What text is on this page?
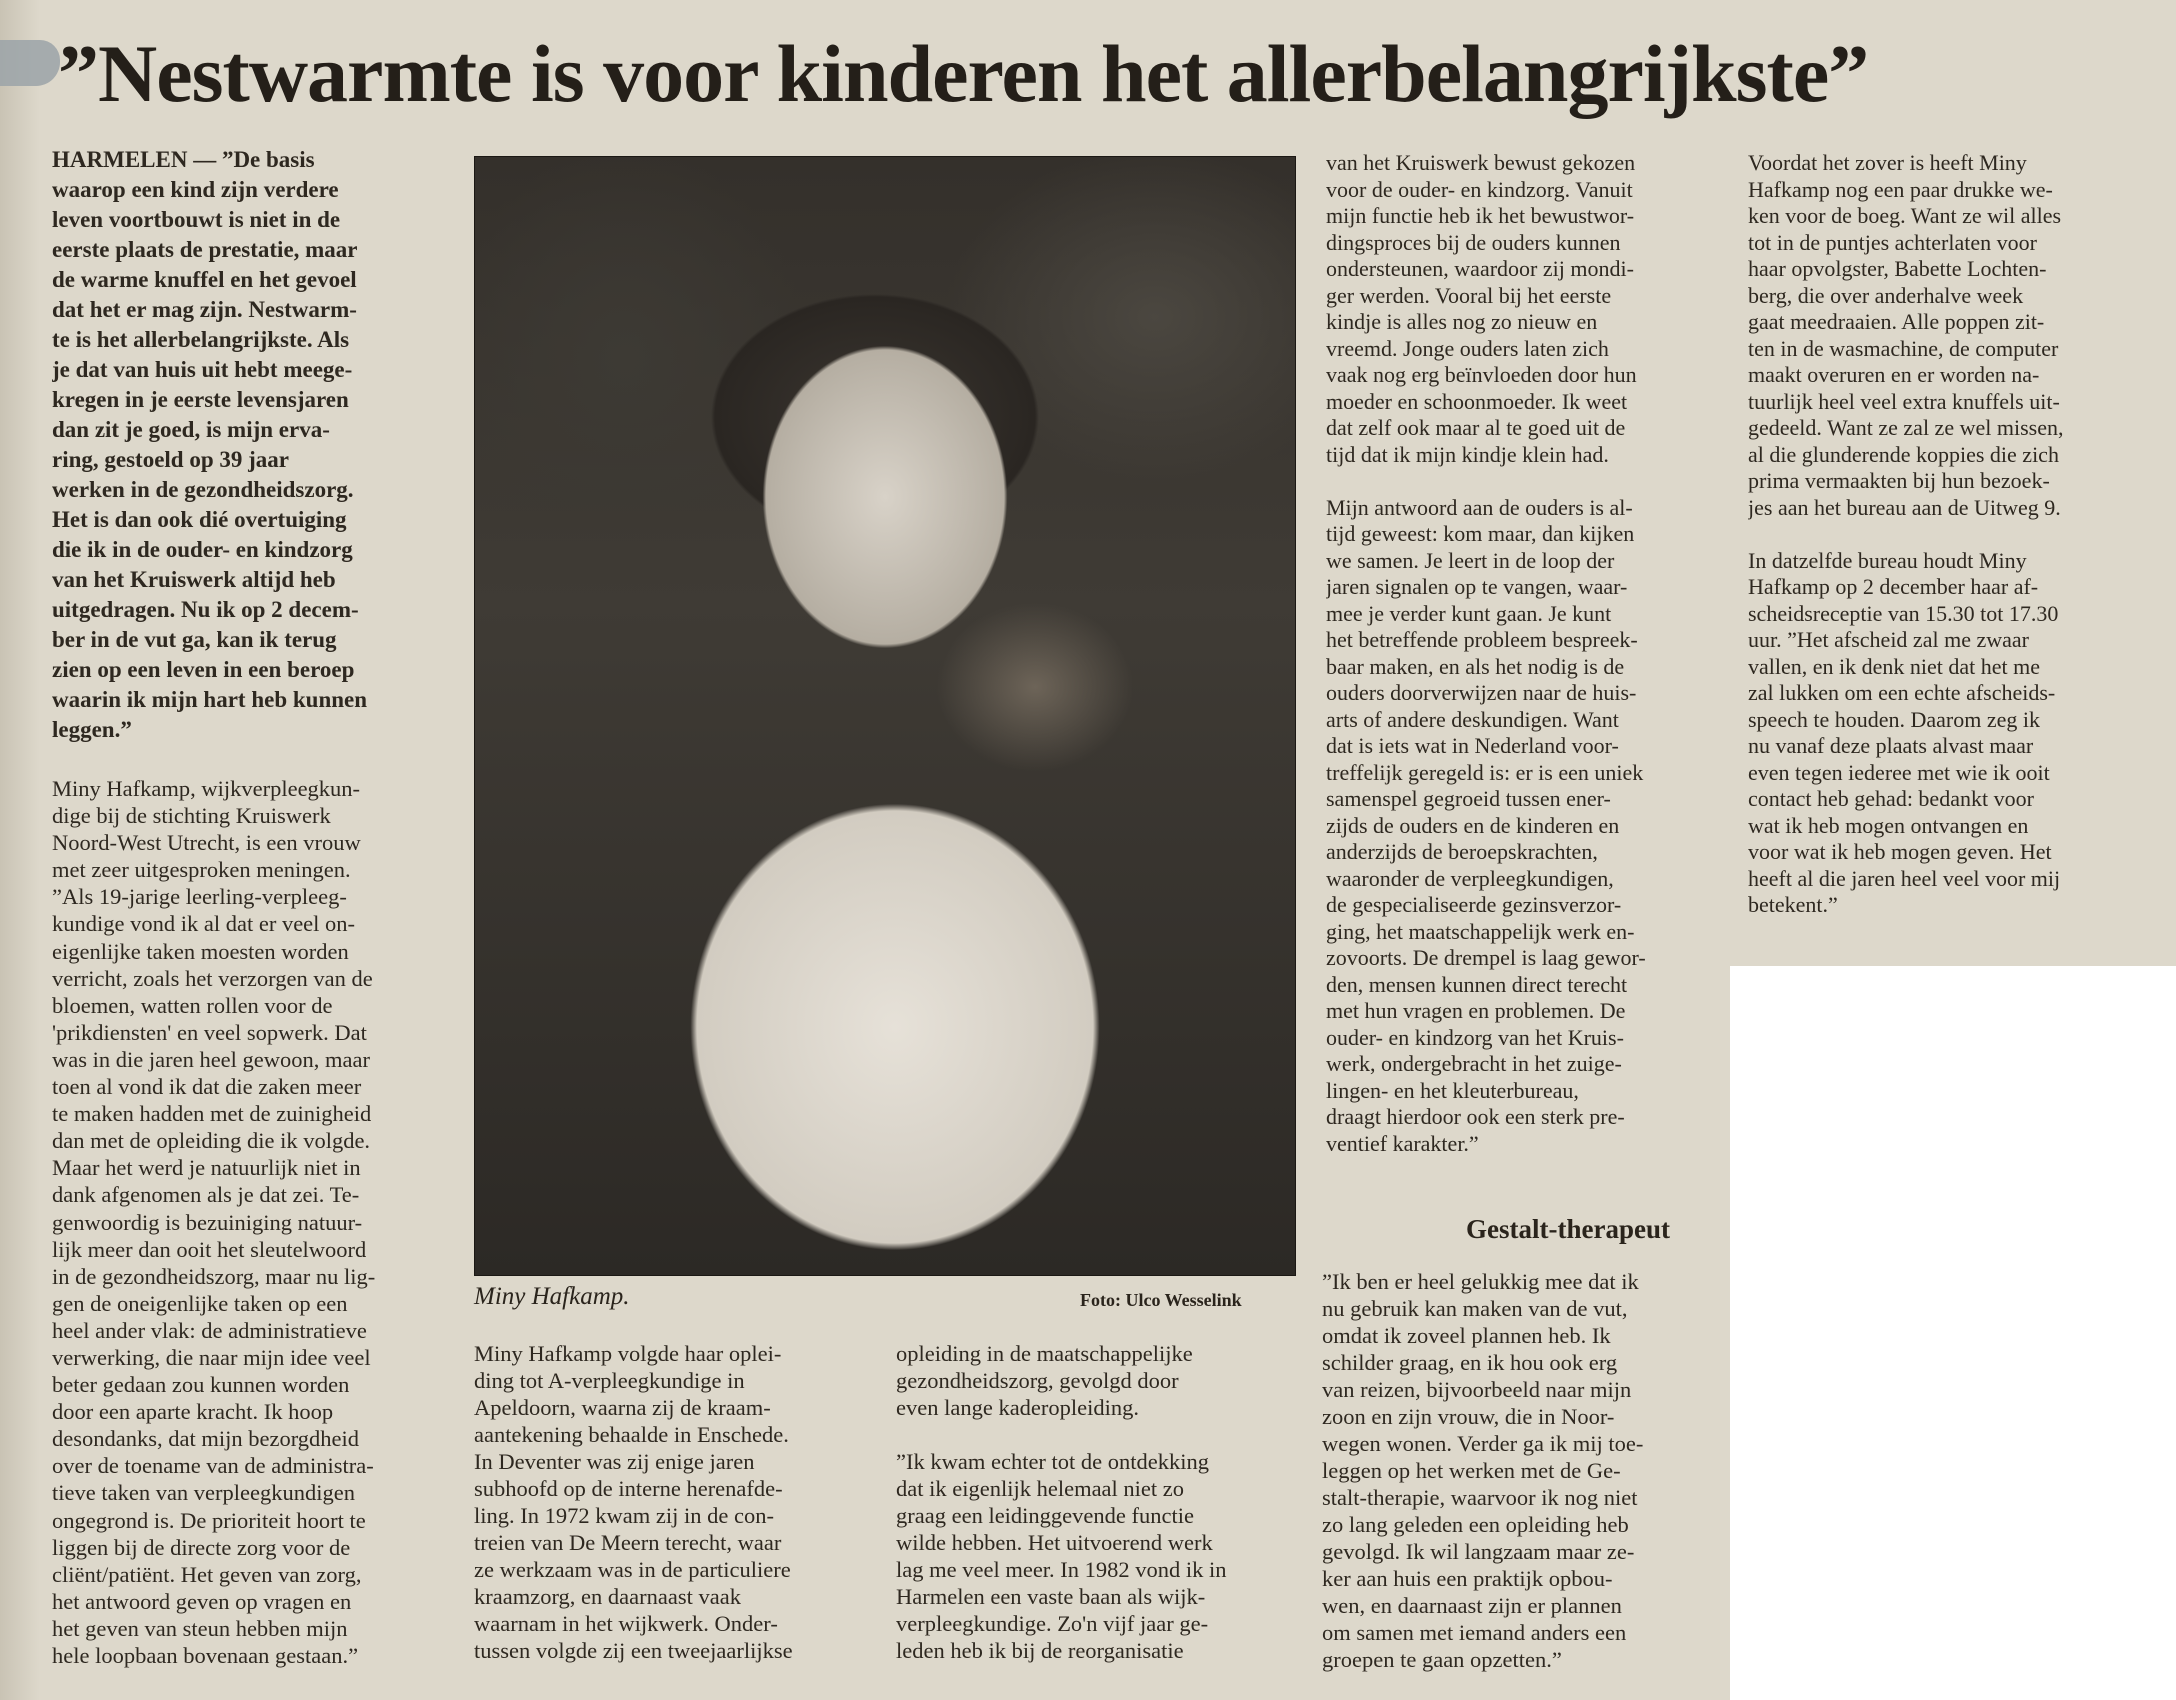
”Nestwarmte is voor kinderen het allerbelangrijkste”
HARMELEN — ”De basis
waarop een kind zijn verdere
leven voortbouwt is niet in de
eerste plaats de prestatie, maar
de warme knuffel en het gevoel
dat het er mag zijn. Nestwarm-
te is het allerbelangrijkste. Als
je dat van huis uit hebt meege-
kregen in je eerste levensjaren
dan zit je goed, is mijn erva-
ring, gestoeld op 39 jaar
werken in de gezondheidszorg.
Het is dan ook dié overtuiging
die ik in de ouder- en kindzorg
van het Kruiswerk altijd heb
uitgedragen. Nu ik op 2 decem-
ber in de vut ga, kan ik terug
zien op een leven in een beroep
waarin ik mijn hart heb kunnen
leggen.”
Miny Hafkamp, wijkverpleegkun-
dige bij de stichting Kruiswerk
Noord-West Utrecht, is een vrouw
met zeer uitgesproken meningen.
”Als 19-jarige leerling-verpleeg-
kundige vond ik al dat er veel on-
eigenlijke taken moesten worden
verricht, zoals het verzorgen van de
bloemen, watten rollen voor de
'prikdiensten' en veel sopwerk. Dat
was in die jaren heel gewoon, maar
toen al vond ik dat die zaken meer
te maken hadden met de zuinigheid
dan met de opleiding die ik volgde.
Maar het werd je natuurlijk niet in
dank afgenomen als je dat zei. Te-
genwoordig is bezuiniging natuur-
lijk meer dan ooit het sleutelwoord
in de gezondheidszorg, maar nu lig-
gen de oneigenlijke taken op een
heel ander vlak: de administratieve
verwerking, die naar mijn idee veel
beter gedaan zou kunnen worden
door een aparte kracht. Ik hoop
desondanks, dat mijn bezorgdheid
over de toename van de administra-
tieve taken van verpleegkundigen
ongegrond is. De prioriteit hoort te
liggen bij de directe zorg voor de
cliënt/patiënt. Het geven van zorg,
het antwoord geven op vragen en
het geven van steun hebben mijn
hele loopbaan bovenaan gestaan.”
Miny Hafkamp.	Foto: Ulco Wesselink
Miny Hafkamp volgde haar oplei-
ding tot A-verpleegkundige in
Apeldoorn, waarna zij de kraam-
aantekening behaalde in Enschede.
In Deventer was zij enige jaren
subhoofd op de interne herenafde-
ling. In 1972 kwam zij in de con-
treien van De Meern terecht, waar
ze werkzaam was in de particuliere
kraamzorg, en daarnaast vaak
waarnam in het wijkwerk. Onder-
tussen volgde zij een tweejaarlijkse
opleiding in de maatschappelijke
gezondheidszorg, gevolgd door
even lange kaderopleiding.

”Ik kwam echter tot de ontdekking
dat ik eigenlijk helemaal niet zo
graag een leidinggevende functie
wilde hebben. Het uitvoerend werk
lag me veel meer. In 1982 vond ik in
Harmelen een vaste baan als wijk-
verpleegkundige. Zo'n vijf jaar ge-
leden heb ik bij de reorganisatie
van het Kruiswerk bewust gekozen
voor de ouder- en kindzorg. Vanuit
mijn functie heb ik het bewustwor-
dingsproces bij de ouders kunnen
ondersteunen, waardoor zij mondi-
ger werden. Vooral bij het eerste
kindje is alles nog zo nieuw en
vreemd. Jonge ouders laten zich
vaak nog erg beïnvloeden door hun
moeder en schoonmoeder. Ik weet
dat zelf ook maar al te goed uit de
tijd dat ik mijn kindje klein had.

Mijn antwoord aan de ouders is al-
tijd geweest: kom maar, dan kijken
we samen. Je leert in de loop der
jaren signalen op te vangen, waar-
mee je verder kunt gaan. Je kunt
het betreffende probleem bespreek-
baar maken, en als het nodig is de
ouders doorverwijzen naar de huis-
arts of andere deskundigen. Want
dat is iets wat in Nederland voor-
treffelijk geregeld is: er is een uniek
samenspel gegroeid tussen ener-
zijds de ouders en de kinderen en
anderzijds de beroepskrachten,
waaronder de verpleegkundigen,
de gespecialiseerde gezinsverzor-
ging, het maatschappelijk werk en-
zovoorts. De drempel is laag gewor-
den, mensen kunnen direct terecht
met hun vragen en problemen. De
ouder- en kindzorg van het Kruis-
werk, ondergebracht in het zuige-
lingen- en het kleuterbureau,
draagt hierdoor ook een sterk pre-
ventief karakter.”
Gestalt-therapeut
”Ik ben er heel gelukkig mee dat ik
nu gebruik kan maken van de vut,
omdat ik zoveel plannen heb. Ik
schilder graag, en ik hou ook erg
van reizen, bijvoorbeeld naar mijn
zoon en zijn vrouw, die in Noor-
wegen wonen. Verder ga ik mij toe-
leggen op het werken met de Ge-
stalt-therapie, waarvoor ik nog niet
zo lang geleden een opleiding heb
gevolgd. Ik wil langzaam maar ze-
ker aan huis een praktijk opbou-
wen, en daarnaast zijn er plannen
om samen met iemand anders een
groepen te gaan opzetten.”
Voordat het zover is heeft Miny
Hafkamp nog een paar drukke we-
ken voor de boeg. Want ze wil alles
tot in de puntjes achterlaten voor
haar opvolgster, Babette Lochten-
berg, die over anderhalve week
gaat meedraaien. Alle poppen zit-
ten in de wasmachine, de computer
maakt overuren en er worden na-
tuurlijk heel veel extra knuffels uit-
gedeeld. Want ze zal ze wel missen,
al die glunderende koppies die zich
prima vermaakten bij hun bezoek-
jes aan het bureau aan de Uitweg 9.

In datzelfde bureau houdt Miny
Hafkamp op 2 december haar af-
scheidsreceptie van 15.30 tot 17.30
uur. ”Het afscheid zal me zwaar
vallen, en ik denk niet dat het me
zal lukken om een echte afscheids-
speech te houden. Daarom zeg ik
nu vanaf deze plaats alvast maar
even tegen iederee met wie ik ooit
contact heb gehad: bedankt voor
wat ik heb mogen ontvangen en
voor wat ik heb mogen geven. Het
heeft al die jaren heel veel voor mij
betekent.”
